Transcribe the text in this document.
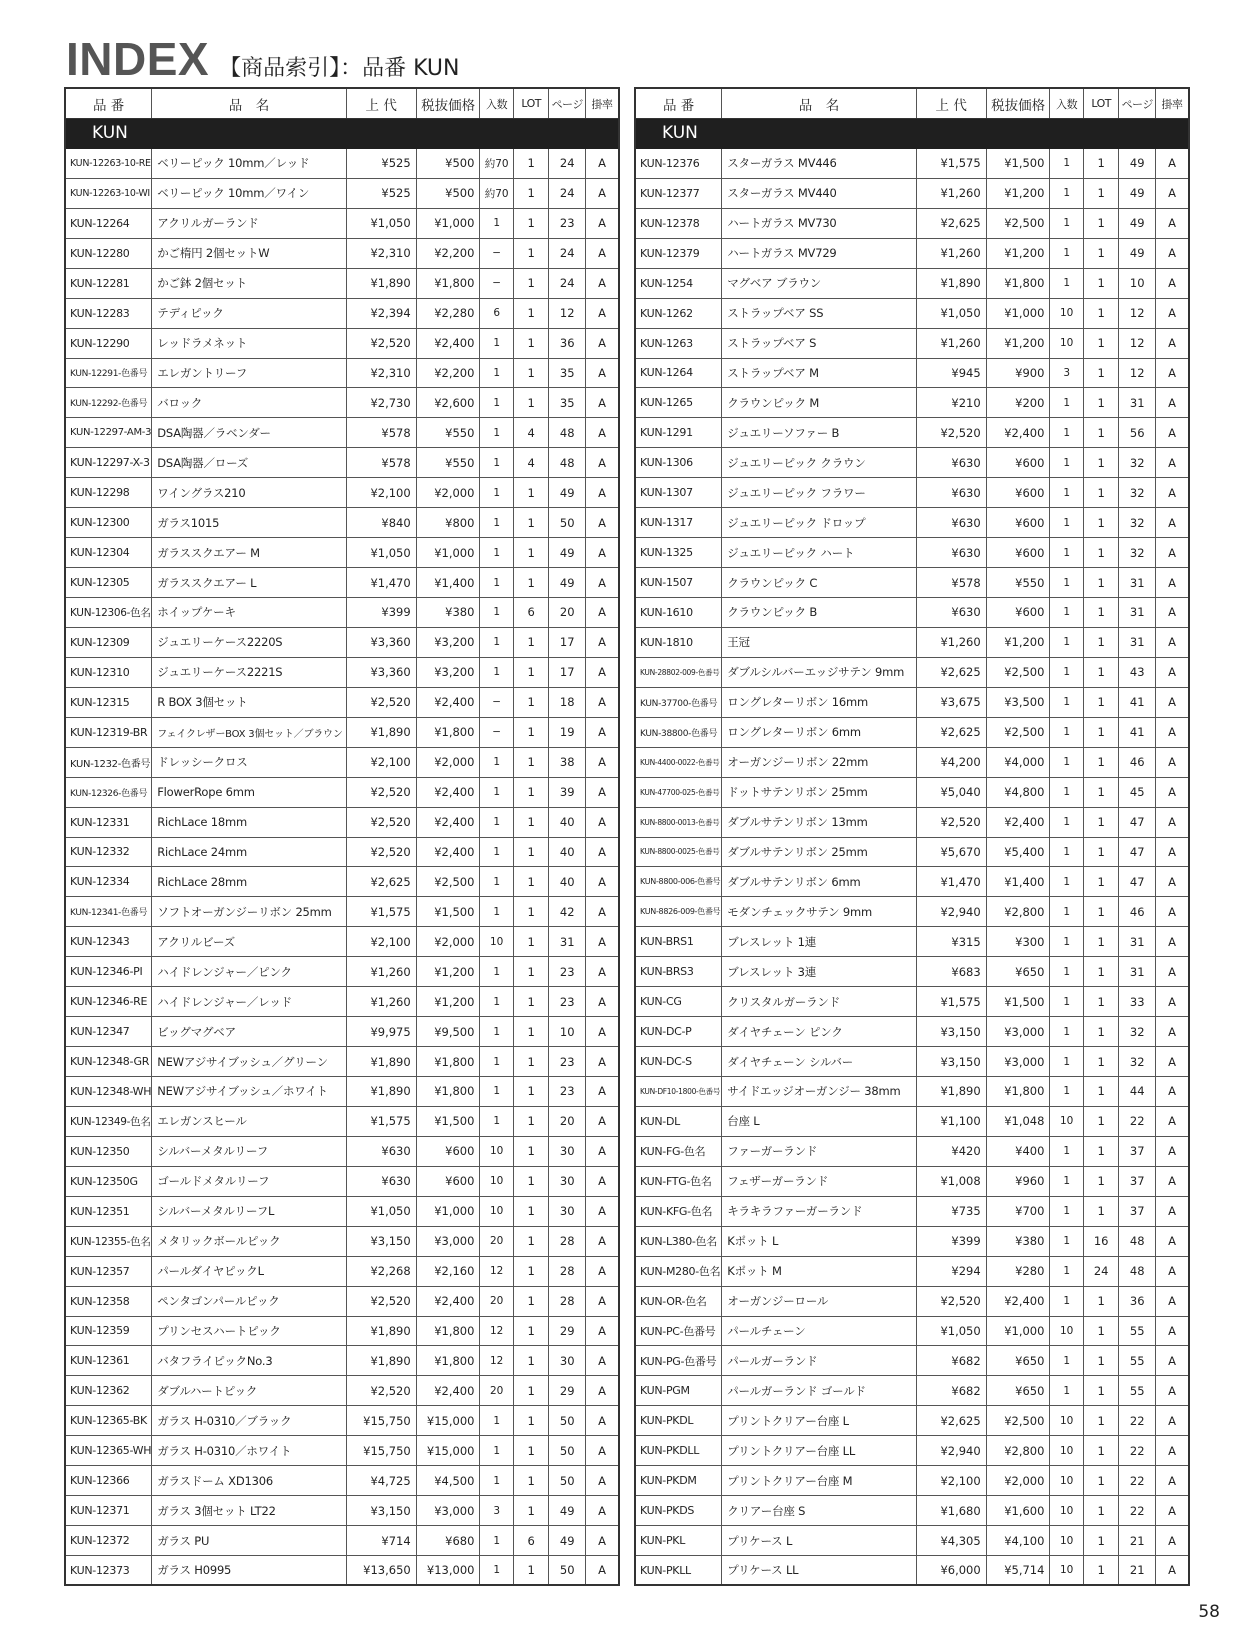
INDEX 【商品索引】：品番 KUN
品 番	品　名	上 代	税抜価格	入数	LOT	ページ	掛率
KUN							
KUN-12263-10-RE	ベリーピック 10mm／レッド	¥525	¥500	約70	1	24	A
KUN-12263-10-WI	ベリーピック 10mm／ワイン	¥525	¥500	約70	1	24	A
KUN-12264	アクリルガーランド	¥1,050	¥1,000	1	1	23	A
KUN-12280	かご楕円 2個セットW	¥2,310	¥2,200	−	1	24	A
KUN-12281	かご鉢 2個セット	¥1,890	¥1,800	−	1	24	A
KUN-12283	テディピック	¥2,394	¥2,280	6	1	12	A
KUN-12290	レッドラメネット	¥2,520	¥2,400	1	1	36	A
KUN-12291-色番号	エレガントリーフ	¥2,310	¥2,200	1	1	35	A
KUN-12292-色番号	バロック	¥2,730	¥2,600	1	1	35	A
KUN-12297-AM-3	DSA陶器／ラベンダー	¥578	¥550	1	4	48	A
KUN-12297-X-3	DSA陶器／ローズ	¥578	¥550	1	4	48	A
KUN-12298	ワイングラス210	¥2,100	¥2,000	1	1	49	A
KUN-12300	ガラス1015	¥840	¥800	1	1	50	A
KUN-12304	ガラススクエアー M	¥1,050	¥1,000	1	1	49	A
KUN-12305	ガラススクエアー L	¥1,470	¥1,400	1	1	49	A
KUN-12306-色名	ホイップケーキ	¥399	¥380	1	6	20	A
KUN-12309	ジュエリーケース2220S	¥3,360	¥3,200	1	1	17	A
KUN-12310	ジュエリーケース2221S	¥3,360	¥3,200	1	1	17	A
KUN-12315	R BOX 3個セット	¥2,520	¥2,400	−	1	18	A
KUN-12319-BR	フェイクレザーBOX 3個セット／ブラウン	¥1,890	¥1,800	−	1	19	A
KUN-1232-色番号	ドレッシークロス	¥2,100	¥2,000	1	1	38	A
KUN-12326-色番号	FlowerRope 6mm	¥2,520	¥2,400	1	1	39	A
KUN-12331	RichLace 18mm	¥2,520	¥2,400	1	1	40	A
KUN-12332	RichLace 24mm	¥2,520	¥2,400	1	1	40	A
KUN-12334	RichLace 28mm	¥2,625	¥2,500	1	1	40	A
KUN-12341-色番号	ソフトオーガンジーリボン 25mm	¥1,575	¥1,500	1	1	42	A
KUN-12343	アクリルビーズ	¥2,100	¥2,000	10	1	31	A
KUN-12346-PI	ハイドレンジャー／ピンク	¥1,260	¥1,200	1	1	23	A
KUN-12346-RE	ハイドレンジャー／レッド	¥1,260	¥1,200	1	1	23	A
KUN-12347	ビッグマグベア	¥9,975	¥9,500	1	1	10	A
KUN-12348-GR	NEWアジサイブッシュ／グリーン	¥1,890	¥1,800	1	1	23	A
KUN-12348-WH	NEWアジサイブッシュ／ホワイト	¥1,890	¥1,800	1	1	23	A
KUN-12349-色名	エレガンスヒール	¥1,575	¥1,500	1	1	20	A
KUN-12350	シルバーメタルリーフ	¥630	¥600	10	1	30	A
KUN-12350G	ゴールドメタルリーフ	¥630	¥600	10	1	30	A
KUN-12351	シルバーメタルリーフL	¥1,050	¥1,000	10	1	30	A
KUN-12355-色名	メタリックボールピック	¥3,150	¥3,000	20	1	28	A
KUN-12357	パールダイヤピックL	¥2,268	¥2,160	12	1	28	A
KUN-12358	ペンタゴンパールピック	¥2,520	¥2,400	20	1	28	A
KUN-12359	プリンセスハートピック	¥1,890	¥1,800	12	1	29	A
KUN-12361	バタフライピックNo.3	¥1,890	¥1,800	12	1	30	A
KUN-12362	ダブルハートピック	¥2,520	¥2,400	20	1	29	A
KUN-12365-BK	ガラス H-0310／ブラック	¥15,750	¥15,000	1	1	50	A
KUN-12365-WH	ガラス H-0310／ホワイト	¥15,750	¥15,000	1	1	50	A
KUN-12366	ガラスドーム XD1306	¥4,725	¥4,500	1	1	50	A
KUN-12371	ガラス 3個セット LT22	¥3,150	¥3,000	3	1	49	A
KUN-12372	ガラス PU	¥714	¥680	1	6	49	A
KUN-12373	ガラス H0995	¥13,650	¥13,000	1	1	50	A
品 番	品　名	上 代	税抜価格	入数	LOT	ページ	掛率
KUN							
KUN-12376	スターガラス MV446	¥1,575	¥1,500	1	1	49	A
KUN-12377	スターガラス MV440	¥1,260	¥1,200	1	1	49	A
KUN-12378	ハートガラス MV730	¥2,625	¥2,500	1	1	49	A
KUN-12379	ハートガラス MV729	¥1,260	¥1,200	1	1	49	A
KUN-1254	マグベア ブラウン	¥1,890	¥1,800	1	1	10	A
KUN-1262	ストラップベア SS	¥1,050	¥1,000	10	1	12	A
KUN-1263	ストラップベア S	¥1,260	¥1,200	10	1	12	A
KUN-1264	ストラップベア M	¥945	¥900	3	1	12	A
KUN-1265	クラウンピック M	¥210	¥200	1	1	31	A
KUN-1291	ジュエリーソファー B	¥2,520	¥2,400	1	1	56	A
KUN-1306	ジュエリーピック クラウン	¥630	¥600	1	1	32	A
KUN-1307	ジュエリーピック フラワー	¥630	¥600	1	1	32	A
KUN-1317	ジュエリーピック ドロップ	¥630	¥600	1	1	32	A
KUN-1325	ジュエリーピック ハート	¥630	¥600	1	1	32	A
KUN-1507	クラウンピック C	¥578	¥550	1	1	31	A
KUN-1610	クラウンピック B	¥630	¥600	1	1	31	A
KUN-1810	王冠	¥1,260	¥1,200	1	1	31	A
KUN-28802-009-色番号	ダブルシルバーエッジサテン 9mm	¥2,625	¥2,500	1	1	43	A
KUN-37700-色番号	ロングレターリボン 16mm	¥3,675	¥3,500	1	1	41	A
KUN-38800-色番号	ロングレターリボン 6mm	¥2,625	¥2,500	1	1	41	A
KUN-4400-0022-色番号	オーガンジーリボン 22mm	¥4,200	¥4,000	1	1	46	A
KUN-47700-025-色番号	ドットサテンリボン 25mm	¥5,040	¥4,800	1	1	45	A
KUN-8800-0013-色番号	ダブルサテンリボン 13mm	¥2,520	¥2,400	1	1	47	A
KUN-8800-0025-色番号	ダブルサテンリボン 25mm	¥5,670	¥5,400	1	1	47	A
KUN-8800-006-色番号	ダブルサテンリボン 6mm	¥1,470	¥1,400	1	1	47	A
KUN-8826-009-色番号	モダンチェックサテン 9mm	¥2,940	¥2,800	1	1	46	A
KUN-BRS1	ブレスレット 1連	¥315	¥300	1	1	31	A
KUN-BRS3	ブレスレット 3連	¥683	¥650	1	1	31	A
KUN-CG	クリスタルガーランド	¥1,575	¥1,500	1	1	33	A
KUN-DC-P	ダイヤチェーン ピンク	¥3,150	¥3,000	1	1	32	A
KUN-DC-S	ダイヤチェーン シルバー	¥3,150	¥3,000	1	1	32	A
KUN-DF10-1800-色番号	サイドエッジオーガンジー 38mm	¥1,890	¥1,800	1	1	44	A
KUN-DL	台座 L	¥1,100	¥1,048	10	1	22	A
KUN-FG-色名	ファーガーランド	¥420	¥400	1	1	37	A
KUN-FTG-色名	フェザーガーランド	¥1,008	¥960	1	1	37	A
KUN-KFG-色名	キラキラファーガーランド	¥735	¥700	1	1	37	A
KUN-L380-色名	Kポット L	¥399	¥380	1	16	48	A
KUN-M280-色名	Kポット M	¥294	¥280	1	24	48	A
KUN-OR-色名	オーガンジーロール	¥2,520	¥2,400	1	1	36	A
KUN-PC-色番号	パールチェーン	¥1,050	¥1,000	10	1	55	A
KUN-PG-色番号	パールガーランド	¥682	¥650	1	1	55	A
KUN-PGM	パールガーランド ゴールド	¥682	¥650	1	1	55	A
KUN-PKDL	プリントクリアー台座 L	¥2,625	¥2,500	10	1	22	A
KUN-PKDLL	プリントクリアー台座 LL	¥2,940	¥2,800	10	1	22	A
KUN-PKDM	プリントクリアー台座 M	¥2,100	¥2,000	10	1	22	A
KUN-PKDS	クリアー台座 S	¥1,680	¥1,600	10	1	22	A
KUN-PKL	プリケース L	¥4,305	¥4,100	10	1	21	A
KUN-PKLL	プリケース LL	¥6,000	¥5,714	10	1	21	A
58
